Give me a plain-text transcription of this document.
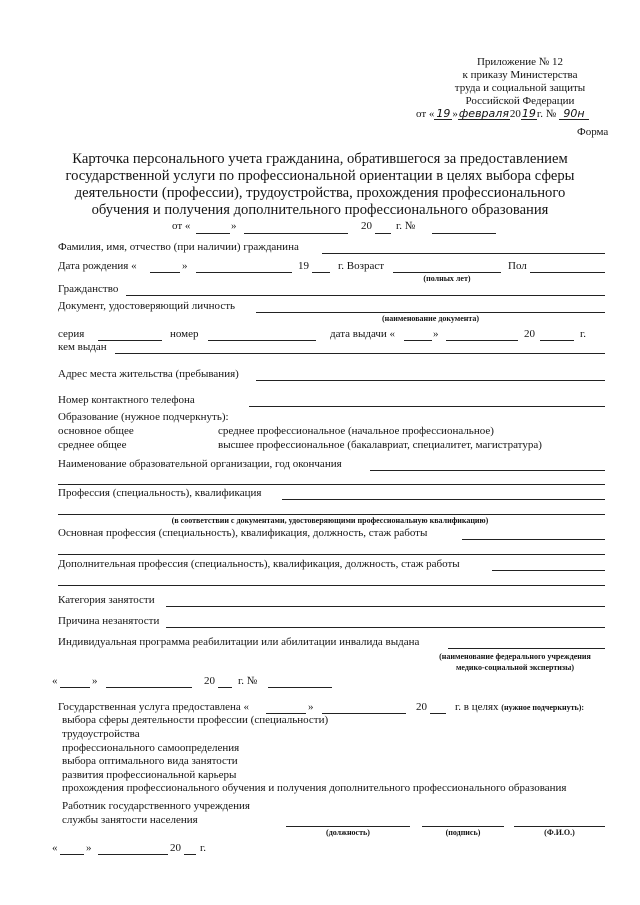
Приложение № 12
к приказу Министерства
труда и социальной защиты
Российской Федерации
от « 19 »февраля2019г. № 90н
Форма
Карточка персонального учета гражданина, обратившегося за предоставлением
государственной услуги по профессиональной ориентации в целях выбора сферы
деятельности (профессии), трудоустройства, прохождения профессионального
обучения и получения дополнительного профессионального образования
от «	»	20 г. №
Фамилия, имя, отчество (при наличии) гражданина
Дата рождения «	»	19	г. Возраст
(полных лет)
Пол
Гражданство
Документ, удостоверяющий личность
(наименование документа)
серия	номер	дата выдачи «	»	20	г.
кем выдан
Адрес места жительства (пребывания)
Номер контактного телефона
Образование (нужное подчеркнуть):
основное общее	среднее профессиональное (начальное профессиональное)
среднее общее	высшее профессиональное (бакалавриат, специалитет, магистратура)
Наименование образовательной организации, год окончания
Профессия (специальность), квалификация
(в соответствии с документами, удостоверяющими профессиональную квалификацию)
Основная профессия (специальность), квалификация, должность, стаж работы
Дополнительная профессия (специальность), квалификация, должность, стаж работы
Категория занятости
Причина незанятости
Индивидуальная программа реабилитации или абилитации инвалида выдана
(наименование федерального учреждения
медико-социальной экспертизы)
«	»	20 г. №
Государственная услуга предоставлена «	»	20	г. в целях (нужное подчеркнуть):
выбора сферы деятельности профессии (специальности)
трудоустройства
профессионального самоопределения
выбора оптимального вида занятости
развития профессиональной карьеры
прохождения профессионального обучения и получения дополнительного профессионального образования
Работник государственного учреждения
службы занятости населения
(должность)	(подпись)	(Ф.И.О.)
«	»	20 г.
